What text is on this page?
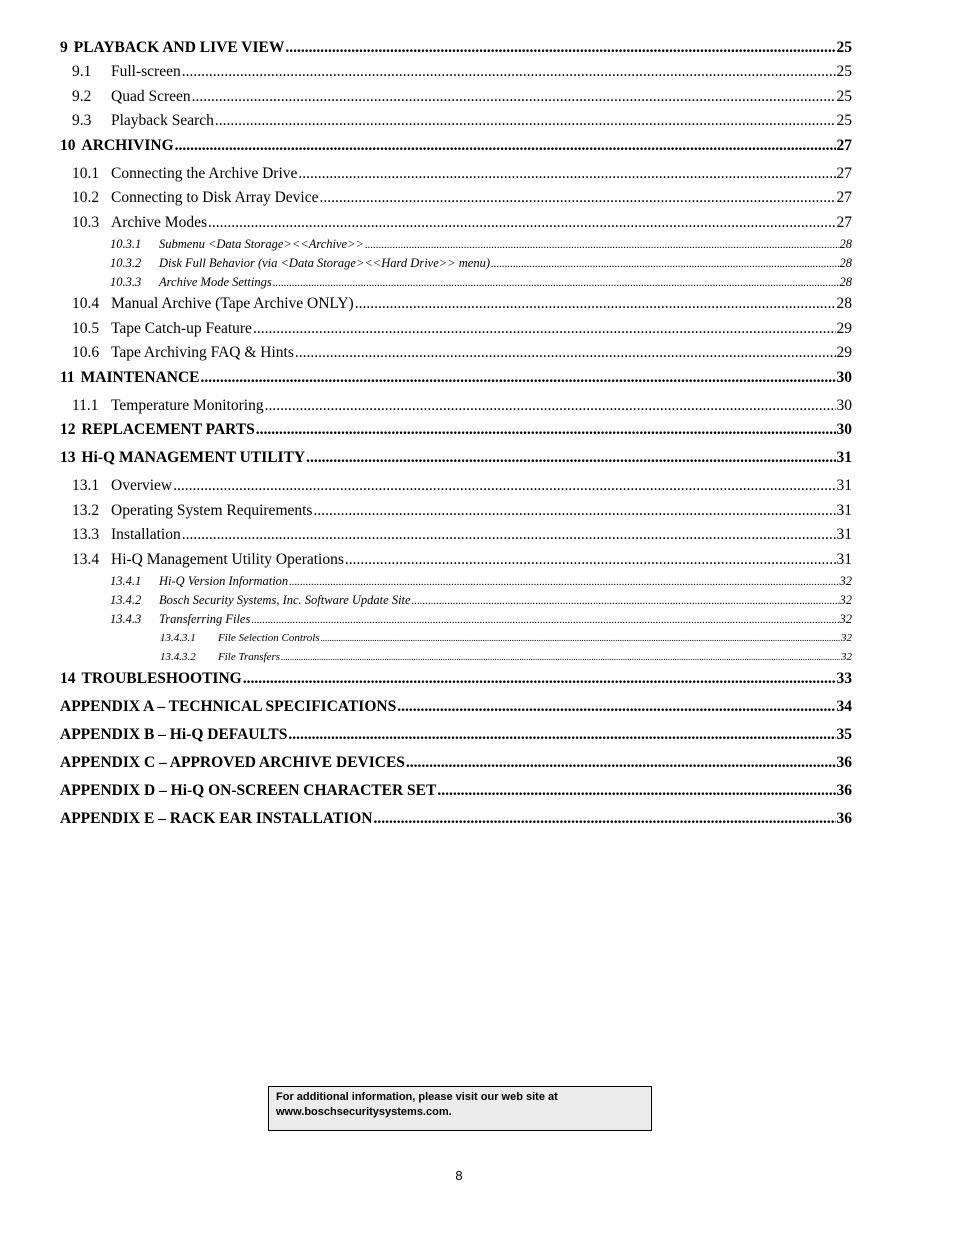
9 PLAYBACK AND LIVE VIEW .....	25
9.1	Full-screen .....	25
9.2	Quad Screen .....	25
9.3	Playback Search .....	25
10 ARCHIVING .....	27
10.1 Connecting the Archive Drive .....	27
10.2 Connecting to Disk Array Device .....	27
10.3 Archive Modes .....	27
10.3.1	Submenu <Data Storage><<Archive>> .....	28
10.3.2	Disk Full Behavior (via <Data Storage><<Hard Drive>> menu) .....	28
10.3.3	Archive Mode Settings .....	28
10.4 Manual Archive (Tape Archive ONLY) .....	28
10.5 Tape Catch-up Feature .....	29
10.6 Tape Archiving FAQ & Hints .....	29
11 MAINTENANCE .....	30
11.1 Temperature Monitoring .....	30
12 REPLACEMENT PARTS .....	30
13 Hi-Q MANAGEMENT UTILITY .....	31
13.1 Overview .....	31
13.2 Operating System Requirements .....	31
13.3 Installation .....	31
13.4 Hi-Q Management Utility Operations .....	31
13.4.1	Hi-Q Version Information .....	32
13.4.2	Bosch Security Systems, Inc. Software Update Site .....	32
13.4.3	Transferring Files .....	32
13.4.3.1	File Selection Controls .....	32
13.4.3.2	File Transfers .....	32
14 TROUBLESHOOTING .....	33
APPENDIX A – TECHNICAL SPECIFICATIONS .....	34
APPENDIX B – Hi-Q DEFAULTS .....	35
APPENDIX C – APPROVED ARCHIVE DEVICES .....	36
APPENDIX D – Hi-Q ON-SCREEN CHARACTER SET .....	36
APPENDIX E – RACK EAR INSTALLATION .....	36
For additional information, please visit our web site at
www.boschsecuritysystems.com.
8
